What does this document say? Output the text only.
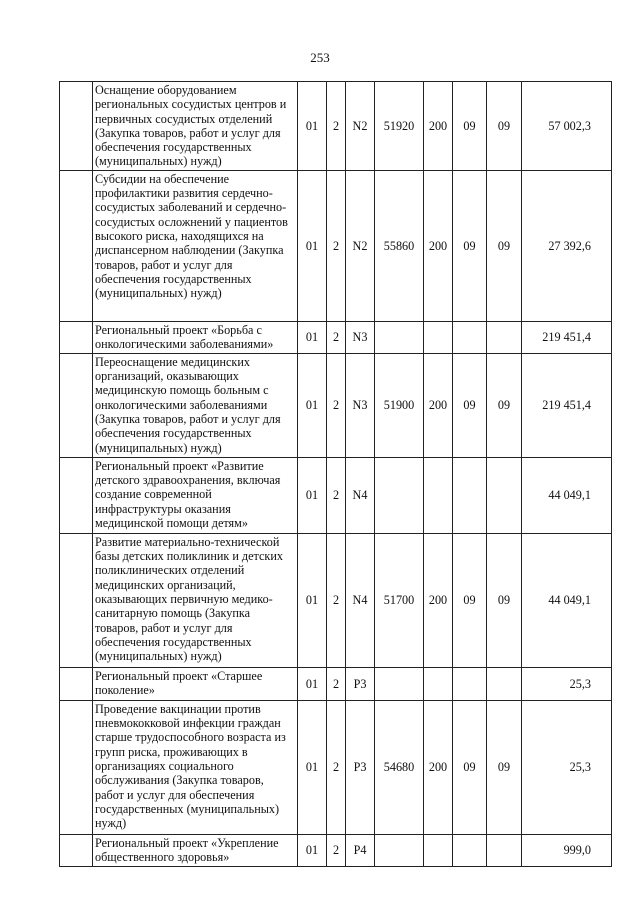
253
	Оснащение оборудованием региональных сосудистых центров и первичных сосудистых отделений (Закупка товаров, работ и услуг для обеспечения государственных (муниципальных) нужд)	01	2	N2	51920	200	09	09	57 002,3
	Субсидии на обеспечение профилактики развития сердечно-сосудистых заболеваний и сердечно-сосудистых осложнений у пациентов высокого риска, находящихся на диспансерном наблюдении (Закупка товаров, работ и услуг для обеспечения государственных (муниципальных) нужд)	01	2	N2	55860	200	09	09	27 392,6
	Региональный проект «Борьба с онкологическими заболеваниями»	01	2	N3					219 451,4
	Переоснащение медицинских организаций, оказывающих медицинскую помощь больным с онкологическими заболеваниями (Закупка товаров, работ и услуг для обеспечения государственных (муниципальных) нужд)	01	2	N3	51900	200	09	09	219 451,4
	Региональный проект «Развитие детского здравоохранения, включая создание современной инфраструктуры оказания медицинской помощи детям»	01	2	N4					44 049,1
	Развитие материально-технической базы детских поликлиник и детских поликлинических отделений медицинских организаций, оказывающих первичную медико-санитарную помощь (Закупка товаров, работ и услуг для обеспечения государственных (муниципальных) нужд)	01	2	N4	51700	200	09	09	44 049,1
	Региональный проект «Старшее поколение»	01	2	P3					25,3
	Проведение вакцинации против пневмококковой инфекции граждан старше трудоспособного возраста из групп риска, проживающих в организациях социального обслуживания (Закупка товаров, работ и услуг для обеспечения государственных (муниципальных) нужд)	01	2	P3	54680	200	09	09	25,3
	Региональный проект «Укрепление общественного здоровья»	01	2	P4					999,0
